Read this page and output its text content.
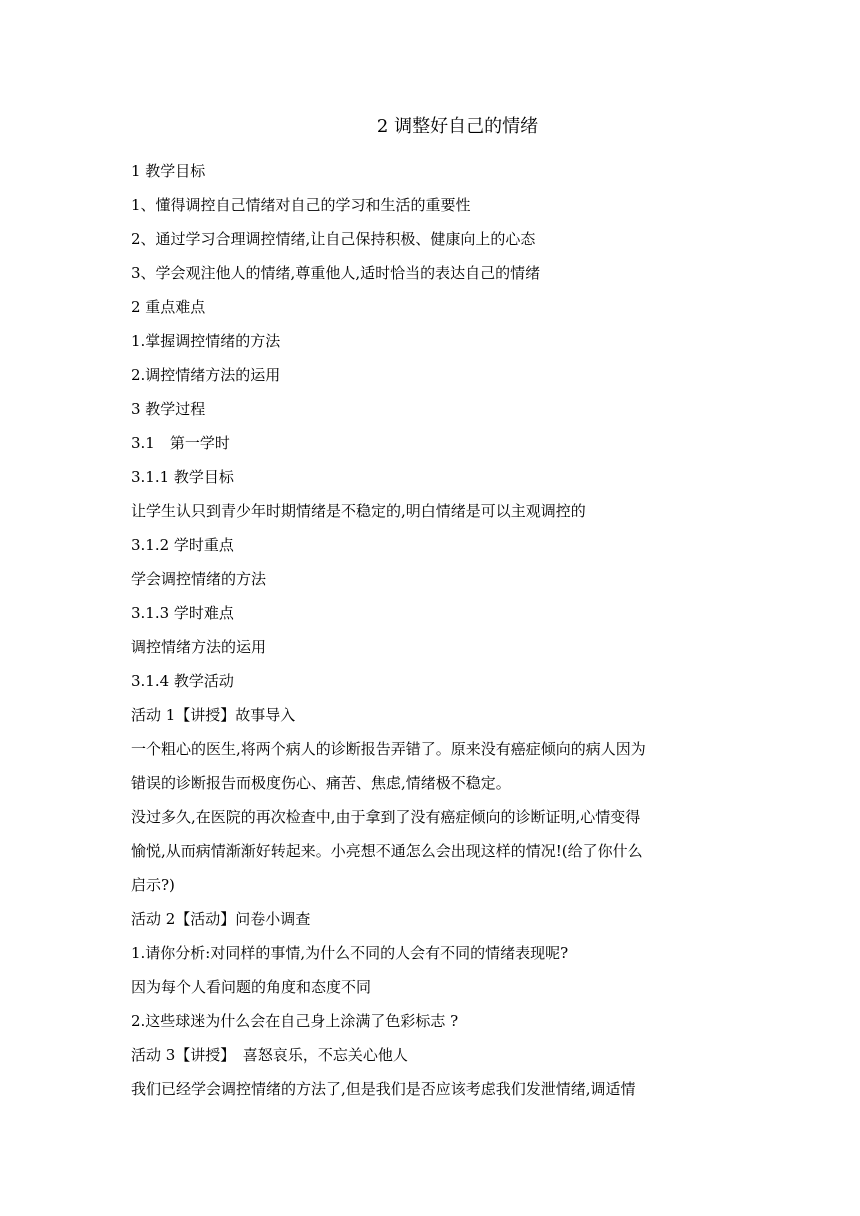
2 调整好自己的情绪
1 教学目标
1、懂得调控自己情绪对自己的学习和生活的重要性
2、通过学习合理调控情绪,让自己保持积极、健康向上的心态
3、学会观注他人的情绪,尊重他人,适时恰当的表达自己的情绪
2 重点难点
1.掌握调控情绪的方法
2.调控情绪方法的运用
3 教学过程
3.1　第一学时
3.1.1 教学目标
让学生认只到青少年时期情绪是不稳定的,明白情绪是可以主观调控的
3.1.2 学时重点
学会调控情绪的方法
3.1.3 学时难点
调控情绪方法的运用
3.1.4 教学活动
活动 1【讲授】故事导入
一个粗心的医生,将两个病人的诊断报告弄错了。原来没有癌症倾向的病人因为
错误的诊断报告而极度伤心、痛苦、焦虑,情绪极不稳定。
没过多久,在医院的再次检查中,由于拿到了没有癌症倾向的诊断证明,心情变得
愉悦,从而病情渐渐好转起来。小亮想不通怎么会出现这样的情况!(给了你什么
启示?)
活动 2【活动】问卷小调查
1.请你分析:对同样的事情,为什么不同的人会有不同的情绪表现呢?
因为每个人看问题的角度和态度不同
2.这些球迷为什么会在自己身上涂满了色彩标志 ?
活动 3【讲授】　喜怒哀乐，不忘关心他人
我们已经学会调控情绪的方法了,但是我们是否应该考虑我们发泄情绪,调适情
